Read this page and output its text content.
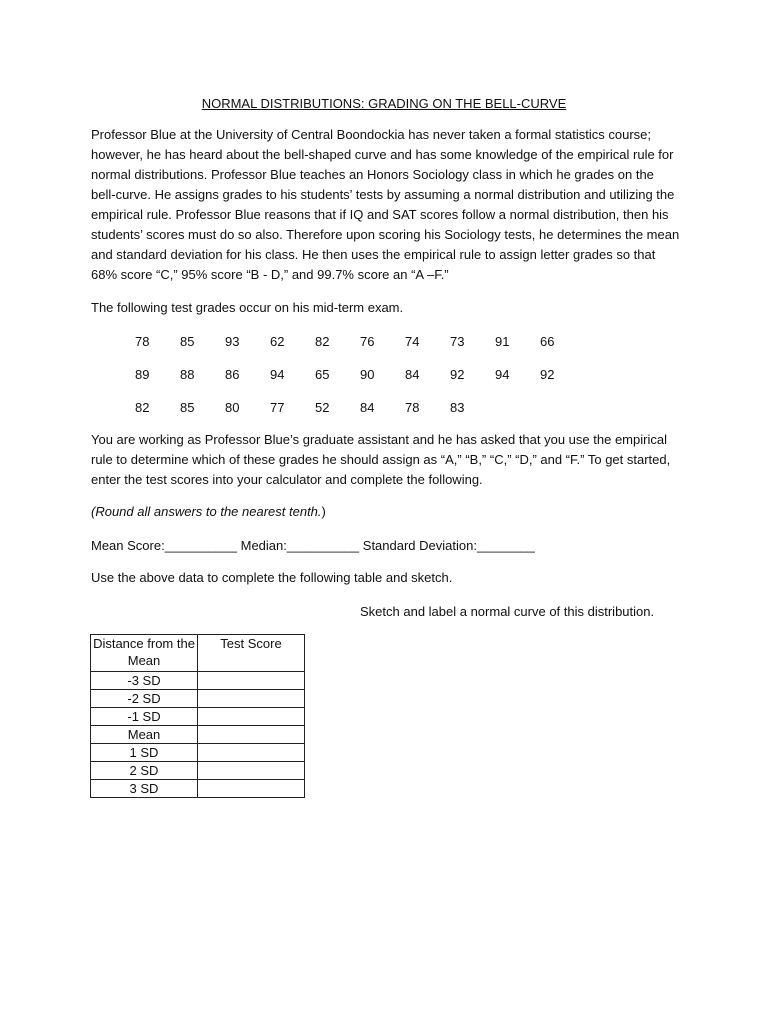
NORMAL DISTRIBUTIONS: GRADING ON THE BELL-CURVE

Professor Blue at the University of Central Boondockia has never taken a formal statistics course; however, he has heard about the bell-shaped curve and has some knowledge of the empirical rule for normal distributions. Professor Blue teaches an Honors Sociology class in which he grades on the bell-curve. He assigns grades to his students’ tests by assuming a normal distribution and utilizing the empirical rule. Professor Blue reasons that if IQ and SAT scores follow a normal distribution, then his students’ scores must do so also. Therefore upon scoring his Sociology tests, he determines the mean and standard deviation for his class. He then uses the empirical rule to assign letter grades so that 68% score “C,” 95% score “B - D,” and 99.7% score an “A –F.”

The following test grades occur on his mid-term exam.

78	85	93	62	82	76	74	73	91	66
89	88	86	94	65	90	84	92	94	92
82	85	80	77	52	84	78	83		

You are working as Professor Blue’s graduate assistant and he has asked that you use the empirical rule to determine which of these grades he should assign as “A,” “B,” “C,” “D,” and “F.” To get started, enter the test scores into your calculator and complete the following.

(Round all answers to the nearest tenth.)

Mean Score:__________ Median:__________ Standard Deviation:________

Use the above data to complete the following table and sketch.

Sketch and label a normal curve of this distribution.
Distance from the Mean	Test Score
-3 SD	
-2 SD	
-1 SD	
Mean	
1 SD	
2 SD	
3 SD	
